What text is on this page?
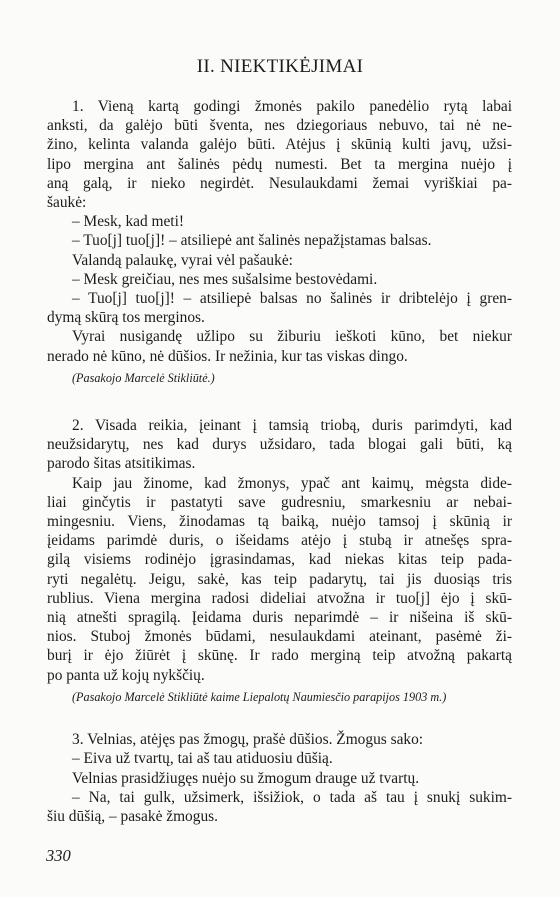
II. NIEKTIKĖJIMAI

1. Vieną kartą godingi žmonės pakilo panedėlio rytą labai
anksti, da galėjo būti šventa, nes dziegoriaus nebuvo, tai nė ne-
žino, kelinta valanda galėjo būti. Atėjus į skūnią kulti javų, užsi-
lipo mergina ant šalinės pėdų numesti. Bet ta mergina nuėjo į
aną galą, ir nieko negirdėt. Nesulaukdami žemai vyriškiai pa-
šaukė:

– Mesk, kad meti!
– Tuo[j] tuo[j]! – atsiliepė ant šalinės nepažįstamas balsas.
Valandą palaukę, vyrai vėl pašaukė:
– Mesk greičiau, nes mes sušalsime bestovėdami.

– Tuo[j] tuo[j]! – atsiliepė balsas no šalinės ir dribtelėjo į gren-
dymą skūrą tos merginos.

Vyrai nusigandę užlipo su žiburiu ieškoti kūno, bet niekur
nerado nė kūno, nė dūšios. Ir nežinia, kur tas viskas dingo.

(Pasakojo Marcelė Stikliūtė.)

2. Visada reikia, įeinant į tamsią triobą, duris parimdyti, kad
neužsidarytų, nes kad durys užsidaro, tada blogai gali būti, ką
parodo šitas atsitikimas.

Kaip jau žinome, kad žmonys, ypač ant kaimų, mėgsta dide-
liai ginčytis ir pastatyti save gudresniu, smarkesniu ar nebai-
mingesniu. Viens, žinodamas tą baiką, nuėjo tamsoj į skūnią ir
įeidams parimdė duris, o išeidams atėjo į stubą ir atnešęs spra-
gilą visiems rodinėjo įgrasindamas, kad niekas kitas teip pada-
ryti negalėtų. Jeigu, sakė, kas teip padarytų, tai jis duosiąs tris
rublius. Viena mergina radosi dideliai atvožna ir tuo[j] ėjo į skū-
nią atnešti spragilą. Įeidama duris neparimdė – ir nišeina iš skū-
nios. Stuboj žmonės būdami, nesulaukdami ateinant, pasėmė ži-
burį ir ėjo žiūrėt į skūnę. Ir rado merginą teip atvožną pakartą
po panta už kojų nykščių.

(Pasakojo Marcelė Stikliūtė kaime Liepalotų Naumiesčio parapijos 1903 m.)
3. Velnias, atėjęs pas žmogų, prašė dūšios. Žmogus sako:
– Eiva už tvartų, tai aš tau atiduosiu dūšią.
Velnias prasidžiugęs nuėjo su žmogum drauge už tvartų.

– Na, tai gulk, užsimerk, išsižiok, o tada aš tau į snukį sukim-
šiu dūšią, – pasakė žmogus.

330
